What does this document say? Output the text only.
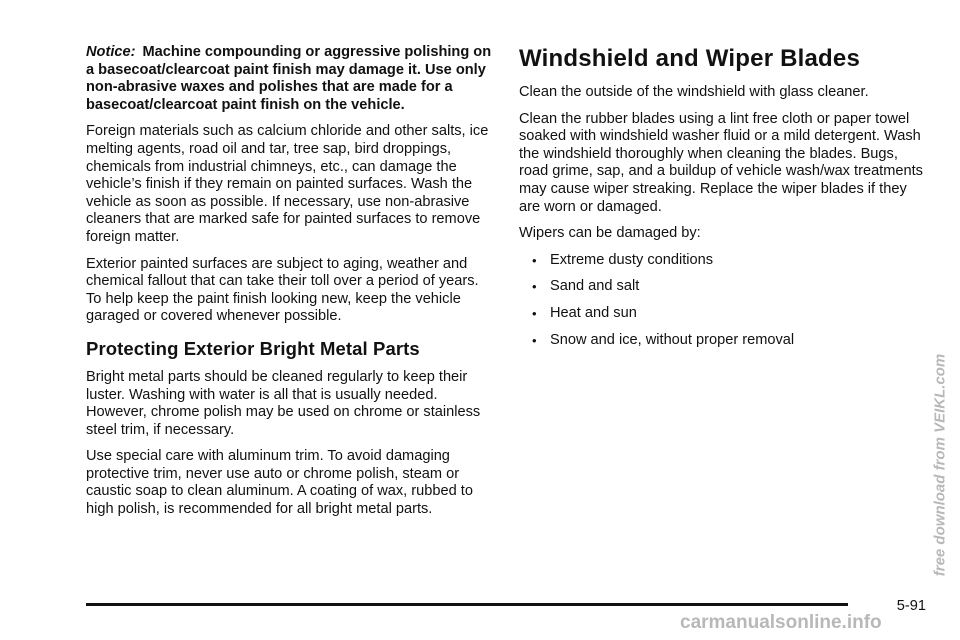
Notice: Machine compounding or aggressive polishing on a basecoat/clearcoat paint finish may damage it. Use only non-abrasive waxes and polishes that are made for a basecoat/clearcoat paint finish on the vehicle.

Foreign materials such as calcium chloride and other salts, ice melting agents, road oil and tar, tree sap, bird droppings, chemicals from industrial chimneys, etc., can damage the vehicle’s finish if they remain on painted surfaces. Wash the vehicle as soon as possible. If necessary, use non-abrasive cleaners that are marked safe for painted surfaces to remove foreign matter.

Exterior painted surfaces are subject to aging, weather and chemical fallout that can take their toll over a period of years. To help keep the paint finish looking new, keep the vehicle garaged or covered whenever possible.

Protecting Exterior Bright Metal Parts

Bright metal parts should be cleaned regularly to keep their luster. Washing with water is all that is usually needed. However, chrome polish may be used on chrome or stainless steel trim, if necessary.

Use special care with aluminum trim. To avoid damaging protective trim, never use auto or chrome polish, steam or caustic soap to clean aluminum. A coating of wax, rubbed to high polish, is recommended for all bright metal parts.

Windshield and Wiper Blades

Clean the outside of the windshield with glass cleaner.

Clean the rubber blades using a lint free cloth or paper towel soaked with windshield washer fluid or a mild detergent. Wash the windshield thoroughly when cleaning the blades. Bugs, road grime, sap, and a buildup of vehicle wash/wax treatments may cause wiper streaking. Replace the wiper blades if they are worn or damaged.

Wipers can be damaged by:

• Extreme dusty conditions
• Sand and salt
• Heat and sun
• Snow and ice, without proper removal
5-91
free download from VEIKL.com
carmanualsonline.info
